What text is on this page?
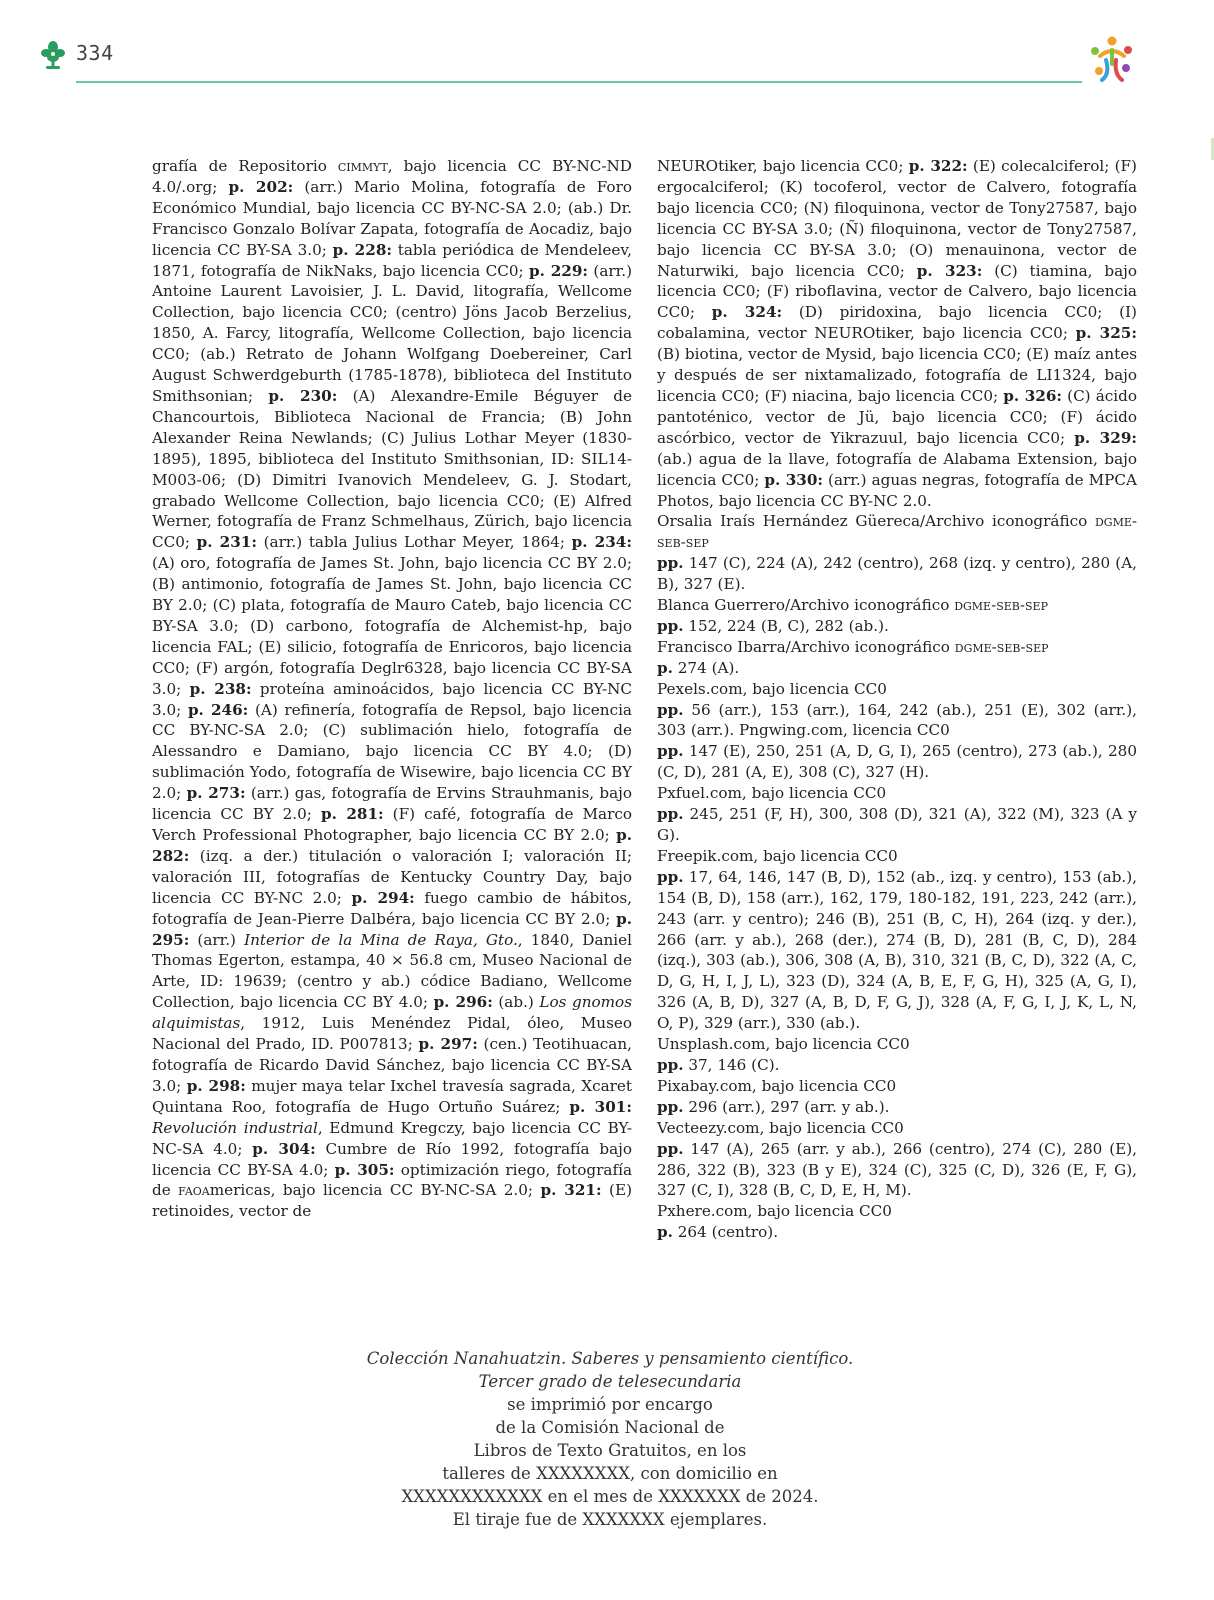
334

grafía de Repositorio cimmyt, bajo licencia CC BY-NC-ND 4.0/.org; p. 202: (arr.) Mario Molina, fotografía de Foro Económico Mundial, bajo licencia CC BY-NC-SA 2.0; (ab.) Dr. Francisco Gonzalo Bolívar Zapata, fotografía de Aocadiz, bajo licencia CC BY-SA 3.0; p. 228: tabla periódica de Mendeleev, 1871, fotografía de NikNaks, bajo licencia CC0; p. 229: (arr.) Antoine Laurent Lavoisier, J. L. David, litografía, Wellcome Collection, bajo licencia CC0; (centro) Jöns Jacob Berzelius, 1850, A. Farcy, litografía, Wellcome Collection, bajo licencia CC0; (ab.) Retrato de Johann Wolfgang Doebereiner, Carl August Schwerdgeburth (1785-1878), biblioteca del Instituto Smithsonian; p. 230: (A) Alexandre-Emile Béguyer de Chancourtois, Biblioteca Nacional de Francia; (B) John Alexander Reina Newlands; (C) Julius Lothar Meyer (1830-1895), 1895, biblioteca del Instituto Smithsonian, ID: SIL14-M003-06; (D) Dimitri Ivanovich Mendeleev, G. J. Stodart, grabado Wellcome Collection, bajo licencia CC0; (E) Alfred Werner, fotografía de Franz Schmelhaus, Zürich, bajo licencia CC0; p. 231: (arr.) tabla Julius Lothar Meyer, 1864; p. 234: (A) oro, fotografía de James St. John, bajo licencia CC BY 2.0; (B) antimonio, fotografía de James St. John, bajo licencia CC BY 2.0; (C) plata, fotografía de Mauro Cateb, bajo licencia CC BY-SA 3.0; (D) carbono, fotografía de Alchemist-hp, bajo licencia FAL; (E) silicio, fotografía de Enricoros, bajo licencia CC0; (F) argón, fotografía Deglr6328, bajo licencia CC BY-SA 3.0; p. 238: proteína aminoácidos, bajo licencia CC BY-NC 3.0; p. 246: (A) refinería, fotografía de Repsol, bajo licencia CC BY-NC-SA 2.0; (C) sublimación hielo, fotografía de Alessandro e Damiano, bajo licencia CC BY 4.0; (D) sublimación Yodo, fotografía de Wisewire, bajo licencia CC BY 2.0; p. 273: (arr.) gas, fotografía de Ervins Strauhmanis, bajo licencia CC BY 2.0; p. 281: (F) café, fotografía de Marco Verch Professional Photographer, bajo licencia CC BY 2.0; p. 282: (izq. a der.) titulación o valoración I; valoración II; valoración III, fotografías de Kentucky Country Day, bajo licencia CC BY-NC 2.0; p. 294: fuego cambio de hábitos, fotografía de Jean-Pierre Dalbéra, bajo licencia CC BY 2.0; p. 295: (arr.) Interior de la Mina de Raya, Gto., 1840, Daniel Thomas Egerton, estampa, 40 × 56.8 cm, Museo Nacional de Arte, ID: 19639; (centro y ab.) códice Badiano, Wellcome Collection, bajo licencia CC BY 4.0; p. 296: (ab.) Los gnomos alquimistas, 1912, Luis Menéndez Pidal, óleo, Museo Nacional del Prado, ID. P007813; p. 297: (cen.) Teotihuacan, fotografía de Ricardo David Sánchez, bajo licencia CC BY-SA 3.0; p. 298: mujer maya telar Ixchel travesía sagrada, Xcaret Quintana Roo, fotografía de Hugo Ortuño Suárez; p. 301: Revolución industrial, Edmund Kregczy, bajo licencia CC BY-NC-SA 4.0; p. 304: Cumbre de Río 1992, fotografía bajo licencia CC BY-SA 4.0; p. 305: optimización riego, fotografía de faoamericas, bajo licencia CC BY-NC-SA 2.0; p. 321: (E) retinoides, vector de

NEUROtiker, bajo licencia CC0; p. 322: (E) colecalciferol; (F) ergocalciferol; (K) tocoferol, vector de Calvero, fotografía bajo licencia CC0; (N) filoquinona, vector de Tony27587, bajo licencia CC BY-SA 3.0; (Ñ) filoquinona, vector de Tony27587, bajo licencia CC BY-SA 3.0; (O) menauinona, vector de Naturwiki, bajo licencia CC0; p. 323: (C) tiamina, bajo licencia CC0; (F) riboflavina, vector de Calvero, bajo licencia CC0; p. 324: (D) piridoxina, bajo licencia CC0; (I) cobalamina, vector NEUROtiker, bajo licencia CC0; p. 325: (B) biotina, vector de Mysid, bajo licencia CC0; (E) maíz antes y después de ser nixtamalizado, fotografía de LI1324, bajo licencia CC0; (F) niacina, bajo licencia CC0; p. 326: (C) ácido pantoténico, vector de Jü, bajo licencia CC0; (F) ácido ascórbico, vector de Yikrazuul, bajo licencia CC0; p. 329: (ab.) agua de la llave, fotografía de Alabama Extension, bajo licencia CC0; p. 330: (arr.) aguas negras, fotografía de MPCA Photos, bajo licencia CC BY-NC 2.0.

Orsalia Iraís Hernández Güereca/Archivo iconográfico dgme-seb-sep

pp. 147 (C), 224 (A), 242 (centro), 268 (izq. y centro), 280 (A, B), 327 (E).

Blanca Guerrero/Archivo iconográfico dgme-seb-sep

pp. 152, 224 (B, C), 282 (ab.).

Francisco Ibarra/Archivo iconográfico dgme-seb-sep

p. 274 (A).

Pexels.com, bajo licencia CC0

pp. 56 (arr.), 153 (arr.), 164, 242 (ab.), 251 (E), 302 (arr.), 303 (arr.). Pngwing.com, licencia CC0

pp. 147 (E), 250, 251 (A, D, G, I), 265 (centro), 273 (ab.), 280 (C, D), 281 (A, E), 308 (C), 327 (H).

Pxfuel.com, bajo licencia CC0

pp. 245, 251 (F, H), 300, 308 (D), 321 (A), 322 (M), 323 (A y G).

Freepik.com, bajo licencia CC0

pp. 17, 64, 146, 147 (B, D), 152 (ab., izq. y centro), 153 (ab.), 154 (B, D), 158 (arr.), 162, 179, 180-182, 191, 223, 242 (arr.), 243 (arr. y centro); 246 (B), 251 (B, C, H), 264 (izq. y der.), 266 (arr. y ab.), 268 (der.), 274 (B, D), 281 (B, C, D), 284 (izq.), 303 (ab.), 306, 308 (A, B), 310, 321 (B, C, D), 322 (A, C, D, G, H, I, J, L), 323 (D), 324 (A, B, E, F, G, H), 325 (A, G, I), 326 (A, B, D), 327 (A, B, D, F, G, J), 328 (A, F, G, I, J, K, L, N, O, P), 329 (arr.), 330 (ab.).

Unsplash.com, bajo licencia CC0

pp. 37, 146 (C).

Pixabay.com, bajo licencia CC0

pp. 296 (arr.), 297 (arr. y ab.).

Vecteezy.com, bajo licencia CC0

pp. 147 (A), 265 (arr. y ab.), 266 (centro), 274 (C), 280 (E), 286, 322 (B), 323 (B y E), 324 (C), 325 (C, D), 326 (E, F, G), 327 (C, I), 328 (B, C, D, E, H, M).

Pxhere.com, bajo licencia CC0

p. 264 (centro).

Colección Nanahuatzin. Saberes y pensamiento científico.
Tercer grado de telesecundaria
se imprimió por encargo
de la Comisión Nacional de
Libros de Texto Gratuitos, en los
talleres de XXXXXXXX, con domicilio en
XXXXXXXXXXXX en el mes de XXXXXXX de 2024.
El tiraje fue de XXXXXXX ejemplares.
